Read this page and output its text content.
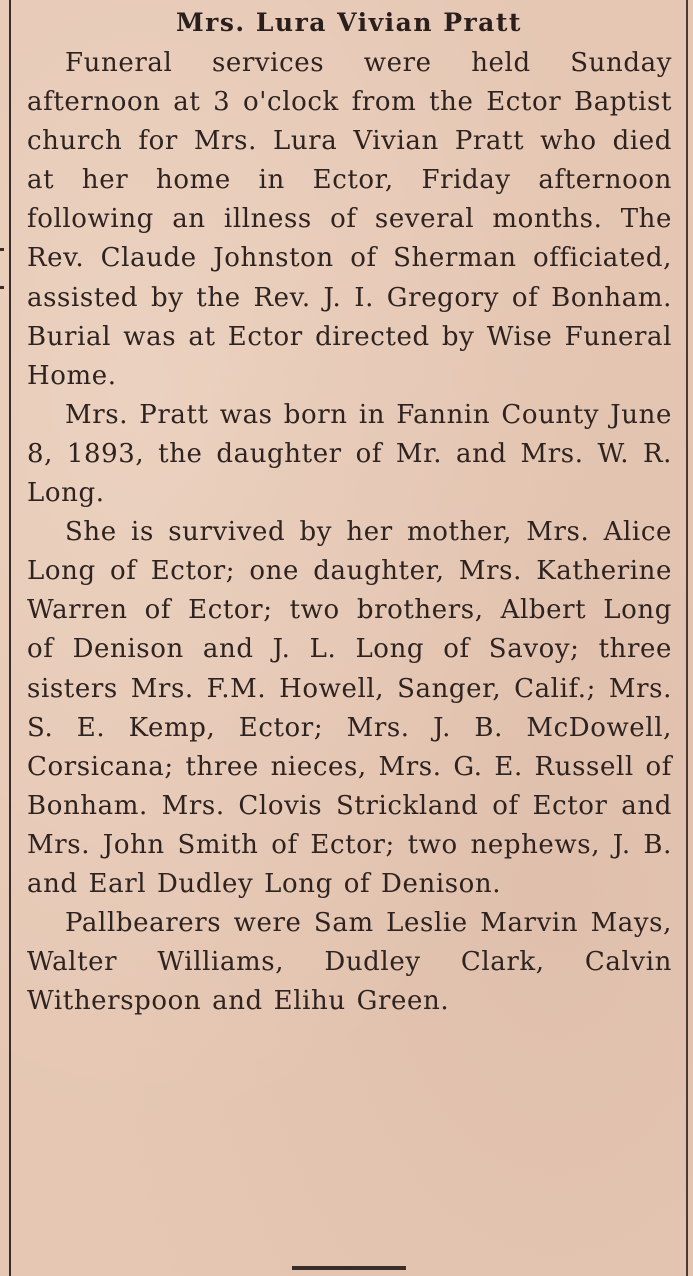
Mrs. Lura Vivian Pratt

Funeral services were held Sunday afternoon at 3 o'clock from the Ector Baptist church for Mrs. Lura Vivian Pratt who died at her home in Ector, Friday afternoon following an illness of several months. The Rev. Claude Johnston of Sherman officiated, assisted by the Rev. J. I. Gregory of Bonham. Burial was at Ector directed by Wise Funeral Home.

Mrs. Pratt was born in Fannin County June 8, 1893, the daughter of Mr. and Mrs. W. R. Long.

She is survived by her mother, Mrs. Alice Long of Ector; one daughter, Mrs. Katherine Warren of Ector; two brothers, Albert Long of Denison and J. L. Long of Savoy; three sisters Mrs. F.M. Howell, Sanger, Calif.; Mrs. S. E. Kemp, Ector; Mrs. J. B. McDowell, Corsicana; three nieces, Mrs. G. E. Russell of Bonham. Mrs. Clovis Strickland of Ector and Mrs. John Smith of Ector; two nephews, J. B. and Earl Dudley Long of Denison.

Pallbearers were Sam Leslie Marvin Mays, Walter Williams, Dudley Clark, Calvin Witherspoon and Elihu Green.
